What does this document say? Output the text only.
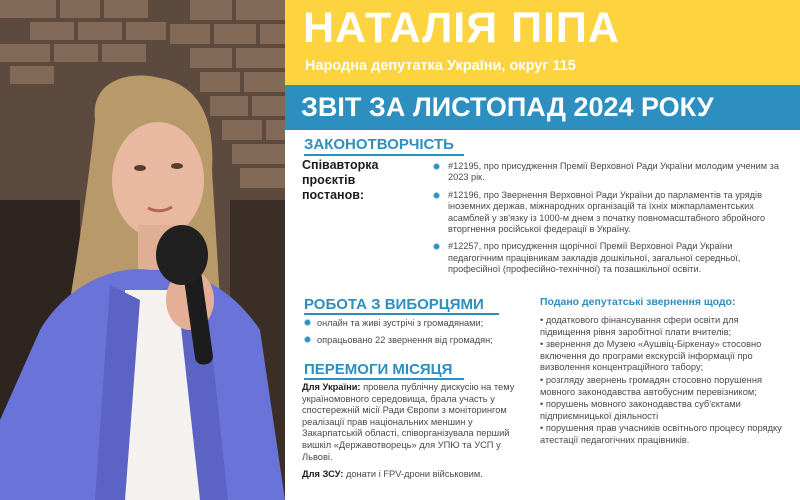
НАТАЛІЯ ПІПА
Народна депутатка України, округ 115
ЗВІТ ЗА ЛИСТОПАД 2024 РОКУ
ЗАКОНОТВОРЧІСТЬ
Співавторка проєктів постанов:
#12195, про присудження Премії Верховної Ради України молодим ученим за 2023 рік.
#12196, про Звернення Верховної Ради України до парламентів та урядів іноземних держав, міжнародних організацій та їхніх міжпарламентських асамблей у зв'язку із 1000-м днем з початку повномасштабного збройного вторгнення російської федерації в Україну.
#12257, про присудження щорічної Премії Верховної Ради України педагогічним працівникам закладів дошкільної, загальної середньої, професійної (професійно-технічної) та позашкільної освіти.
РОБОТА З ВИБОРЦЯМИ
онлайн та живі зустрічі з громадянами;
опрацьовано 22 звернення від громадян;
ПЕРЕМОГИ МІСЯЦЯ

Для України: провела публічну дискусію на тему україномовного середовища, брала участь у спостережній місії Ради Європи з моніторингом реалізації прав національних меншин у Закарпатській області, співорганізувала перший вишкіл «Державотворець» для УПЮ та УСП у Львові.

Для ЗСУ: донати і FPV-дрони військовим.

Подано депутатські звернення щодо:
• додаткового фінансування сфери освіти для підвищення рівня заробітної плати вчителів;
• звернення до Музею «Аушвіц-Біркенау» стосовно включення до програми екскурсій інформації про визволення концентраційного табору;
• розгляду звернень громадян стосовно порушення мовного законодавства автобусним перевізником;
• порушень мовного законодавства суб'єктами підприємницької діяльності
• порушення прав учасників освітнього процесу порядку атестації педагогічних працівників.
